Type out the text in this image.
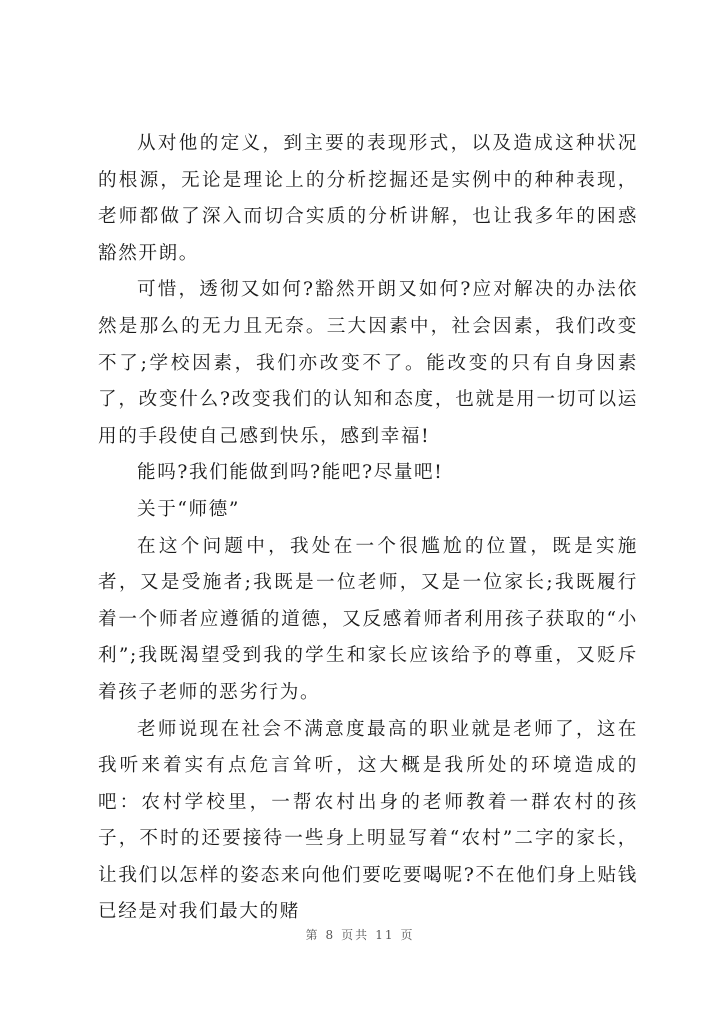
从对他的定义，到主要的表现形式，以及造成这种状况的根源，无论是理论上的分析挖掘还是实例中的种种表现，老师都做了深入而切合实质的分析讲解，也让我多年的困惑豁然开朗。

可惜，透彻又如何?豁然开朗又如何?应对解决的办法依然是那么的无力且无奈。三大因素中，社会因素，我们改变不了;学校因素，我们亦改变不了。能改变的只有自身因素了，改变什么?改变我们的认知和态度，也就是用一切可以运用的手段使自己感到快乐，感到幸福!

能吗?我们能做到吗?能吧?尽量吧!

关于“师德”

在这个问题中，我处在一个很尴尬的位置，既是实施者，又是受施者;我既是一位老师，又是一位家长;我既履行着一个师者应遵循的道德，又反感着师者利用孩子获取的“小利”;我既渴望受到我的学生和家长应该给予的尊重，又贬斥着孩子老师的恶劣行为。

老师说现在社会不满意度最高的职业就是老师了，这在我听来着实有点危言耸听，这大概是我所处的环境造成的吧：农村学校里，一帮农村出身的老师教着一群农村的孩子，不时的还要接待一些身上明显写着“农村”二字的家长，让我们以怎样的姿态来向他们要吃要喝呢?不在他们身上贴钱已经是对我们最大的赌

第 8 页共 11 页
